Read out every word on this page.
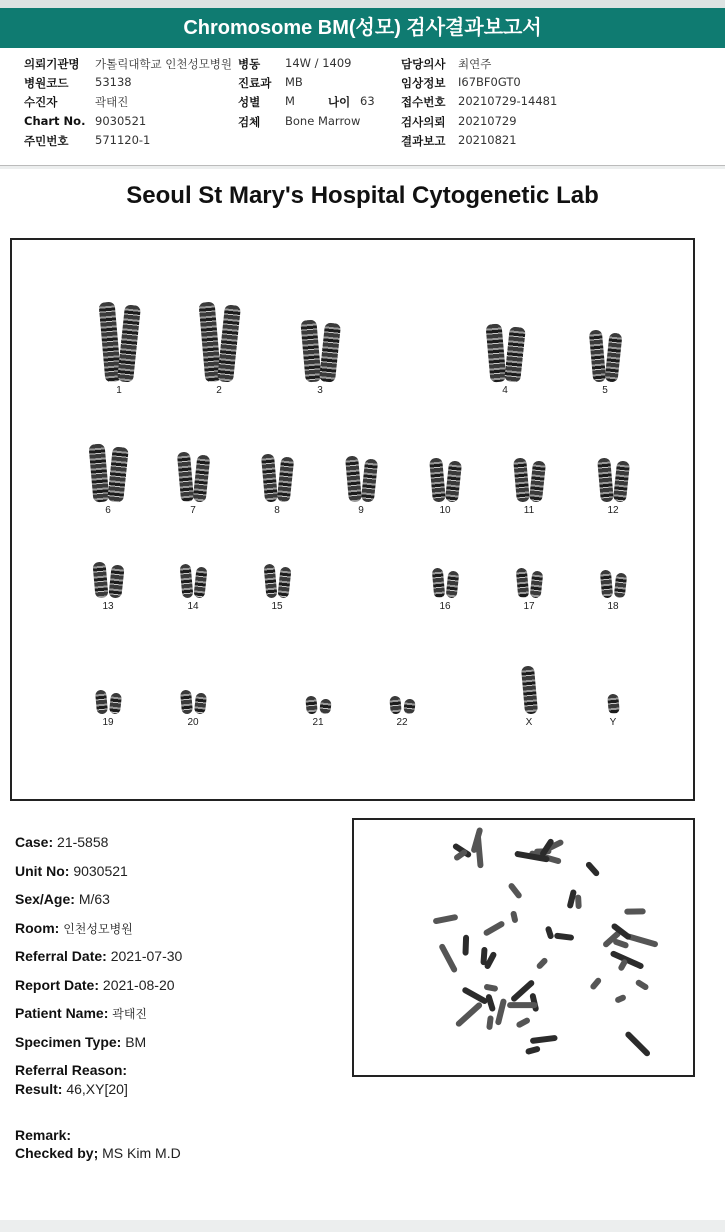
Chromosome BM(성모) 검사결과보고서
의뢰기관명 가톨릭대학교 인천성모병원 병동 14W / 1409	담당의사 최연주
병원코드 53138	진료과 MB	임상정보 I67BF0GT0
수진자	곽태진	성별 M	나이 63 접수번호 20210729-14481
Chart No. 9030521	검체 Bone Marrow	검사의뢰 20210729
주민번호 571120-1	결과보고 20210821
Seoul St Mary's Hospital Cytogenetic Lab
1	2	3	4	5
6	7	8	9	10	11	12
13	14	15	16	17	18
19	20	21	22	X	Y
Case: 21-5858
Unit No: 9030521
Sex/Age: M/63
Room: 인천성모병원
Referral Date: 2021-07-30
Report Date: 2021-08-20
Patient Name: 곽태진
Specimen Type: BM
Referral Reason:
Result: 46,XY[20]
Remark:
Checked by; MS Kim M.D
